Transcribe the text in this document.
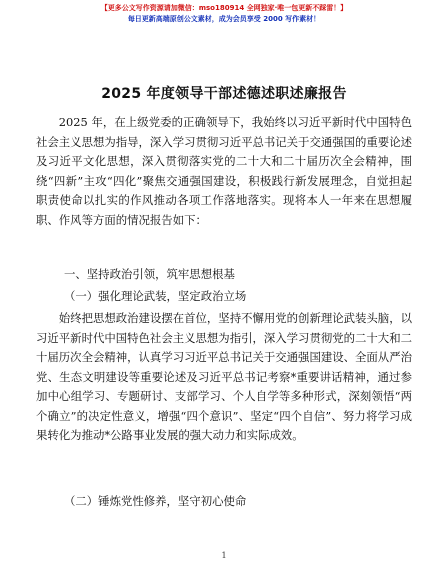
【更多公文写作资源请加微信：mso180914 全网独家·唯一包更新不踩雷！】
每日更新高端原创公文素材，成为会员享受 2000 写作素材！
2025 年度领导干部述德述职述廉报告

2025 年，在上级党委的正确领导下，我始终以习近平新时代中国特色社会主义思想为指导，深入学习贯彻习近平总书记关于交通强国的重要论述及习近平文化思想，深入贯彻落实党的二十大和二十届历次全会精神，围绕“四新”主攻“四化”聚焦交通强国建设，积极践行新发展理念，自觉担起职责使命以扎实的作风推动各项工作落地落实。现将本人一年来在思想履职、作风等方面的情况报告如下：

一、坚持政治引领，筑牢思想根基
（一）强化理论武装，坚定政治立场

始终把思想政治建设摆在首位，坚持不懈用党的创新理论武装头脑，以习近平新时代中国特色社会主义思想为指引，深入学习贯彻党的二十大和二十届历次全会精神，认真学习习近平总书记关于交通强国建设、全面从严治党、生态文明建设等重要论述及习近平总书记考察*重要讲话精神，通过参加中心组学习、专题研讨、支部学习、个人自学等多种形式，深刻领悟“两个确立”的决定性意义，增强“四个意识”、坚定“四个自信”、努力将学习成果转化为推动*公路事业发展的强大动力和实际成效。

（二）锤炼党性修养，坚守初心使命
1
